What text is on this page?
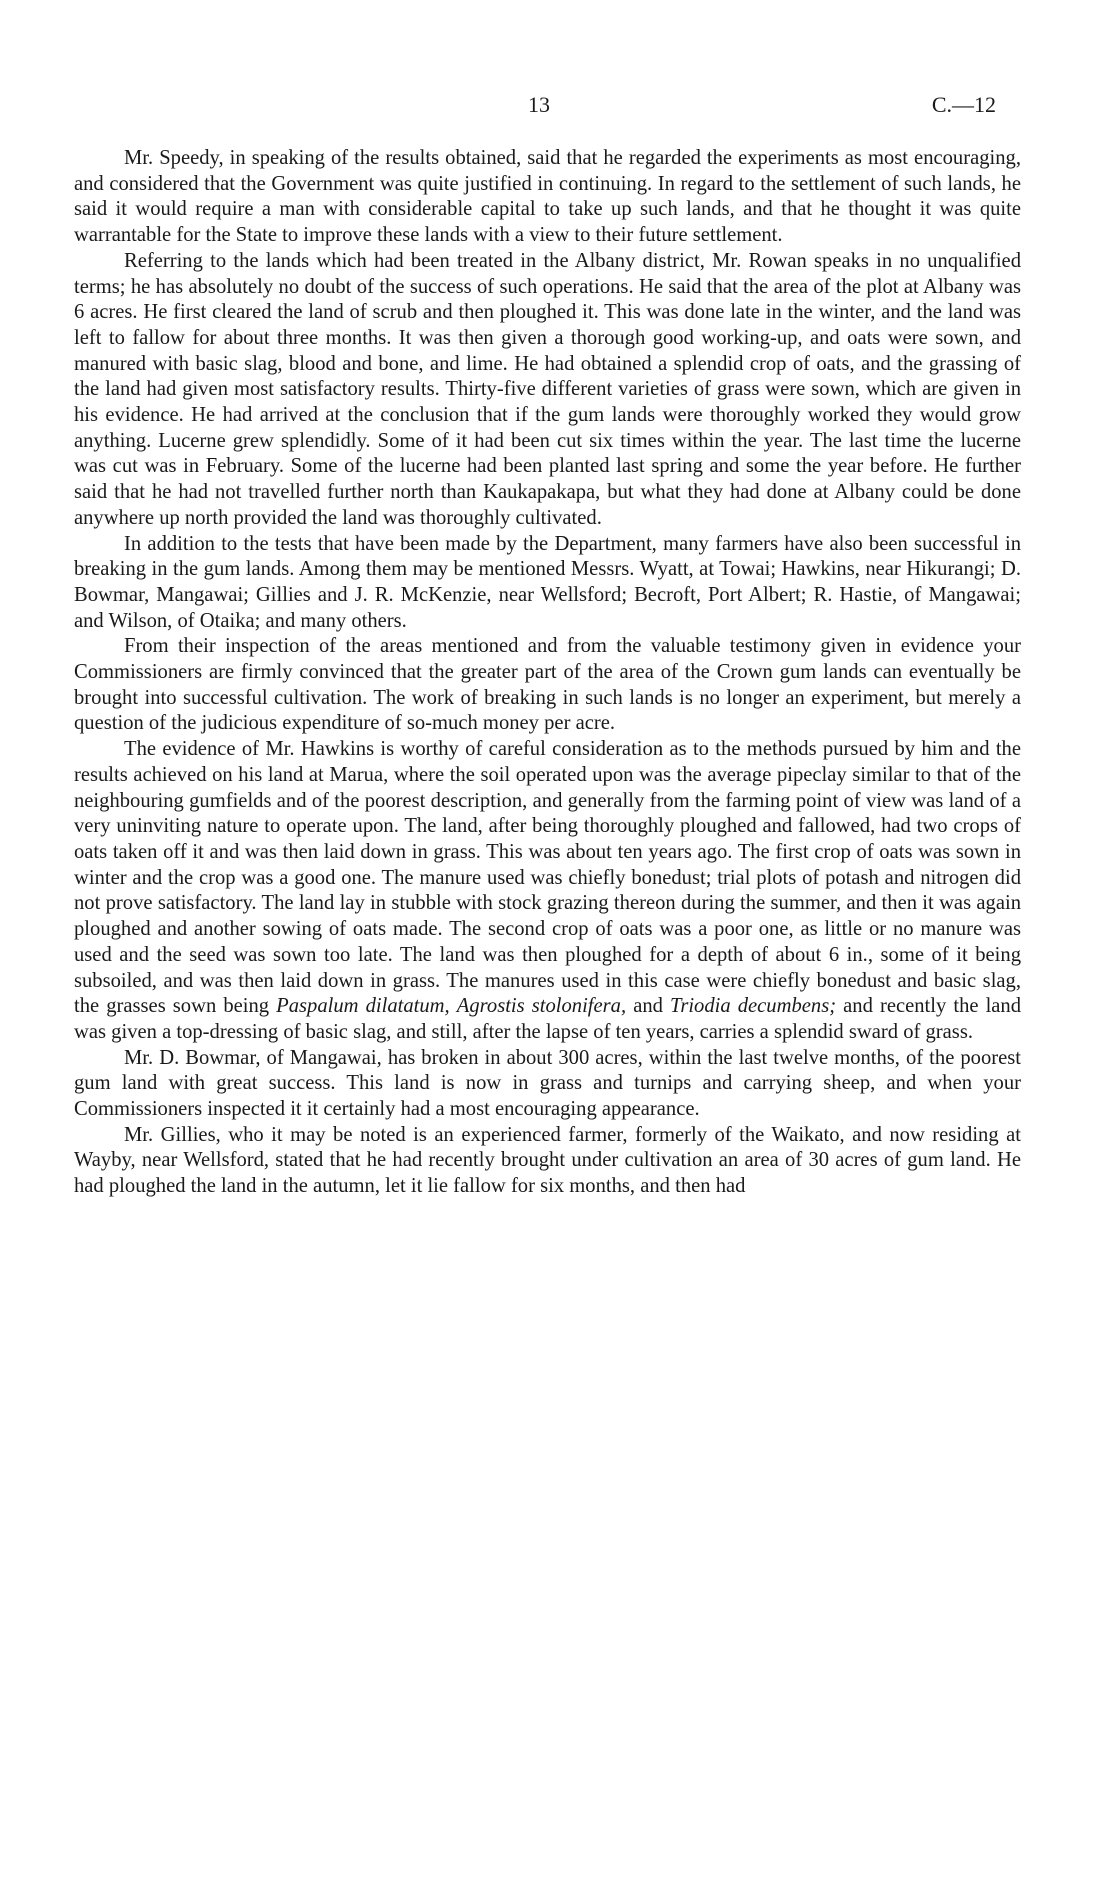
13	C.—12

Mr. Speedy, in speaking of the results obtained, said that he regarded the experiments as most encouraging, and considered that the Government was quite justified in continuing. In regard to the settlement of such lands, he said it would require a man with considerable capital to take up such lands, and that he thought it was quite warrantable for the State to improve these lands with a view to their future settlement.

Referring to the lands which had been treated in the Albany district, Mr. Rowan speaks in no unqualified terms; he has absolutely no doubt of the success of such operations. He said that the area of the plot at Albany was 6 acres. He first cleared the land of scrub and then ploughed it. This was done late in the winter, and the land was left to fallow for about three months. It was then given a thorough good working-up, and oats were sown, and manured with basic slag, blood and bone, and lime. He had obtained a splendid crop of oats, and the grassing of the land had given most satisfactory results. Thirty-five different varieties of grass were sown, which are given in his evidence. He had arrived at the conclusion that if the gum lands were thoroughly worked they would grow anything. Lucerne grew splendidly. Some of it had been cut six times within the year. The last time the lucerne was cut was in February. Some of the lucerne had been planted last spring and some the year before. He further said that he had not travelled further north than Kaukapakapa, but what they had done at Albany could be done anywhere up north provided the land was thoroughly cultivated.

In addition to the tests that have been made by the Department, many farmers have also been successful in breaking in the gum lands. Among them may be mentioned Messrs. Wyatt, at Towai; Hawkins, near Hikurangi; D. Bowmar, Mangawai; Gillies and J. R. McKenzie, near Wellsford; Becroft, Port Albert; R. Hastie, of Mangawai; and Wilson, of Otaika; and many others.

From their inspection of the areas mentioned and from the valuable testimony given in evidence your Commissioners are firmly convinced that the greater part of the area of the Crown gum lands can eventually be brought into successful cultivation. The work of breaking in such lands is no longer an experiment, but merely a question of the judicious expenditure of so-much money per acre.

The evidence of Mr. Hawkins is worthy of careful consideration as to the methods pursued by him and the results achieved on his land at Marua, where the soil operated upon was the average pipeclay similar to that of the neighbouring gumfields and of the poorest description, and generally from the farming point of view was land of a very uninviting nature to operate upon. The land, after being thoroughly ploughed and fallowed, had two crops of oats taken off it and was then laid down in grass. This was about ten years ago. The first crop of oats was sown in winter and the crop was a good one. The manure used was chiefly bonedust; trial plots of potash and nitrogen did not prove satisfactory. The land lay in stubble with stock grazing thereon during the summer, and then it was again ploughed and another sowing of oats made. The second crop of oats was a poor one, as little or no manure was used and the seed was sown too late. The land was then ploughed for a depth of about 6 in., some of it being subsoiled, and was then laid down in grass. The manures used in this case were chiefly bonedust and basic slag, the grasses sown being Paspalum dilatatum, Agrostis stolonifera, and Triodia decumbens; and recently the land was given a top-dressing of basic slag, and still, after the lapse of ten years, carries a splendid sward of grass.

Mr. D. Bowmar, of Mangawai, has broken in about 300 acres, within the last twelve months, of the poorest gum land with great success. This land is now in grass and turnips and carrying sheep, and when your Commissioners inspected it it certainly had a most encouraging appearance.

Mr. Gillies, who it may be noted is an experienced farmer, formerly of the Waikato, and now residing at Wayby, near Wellsford, stated that he had recently brought under cultivation an area of 30 acres of gum land. He had ploughed the land in the autumn, let it lie fallow for six months, and then had
